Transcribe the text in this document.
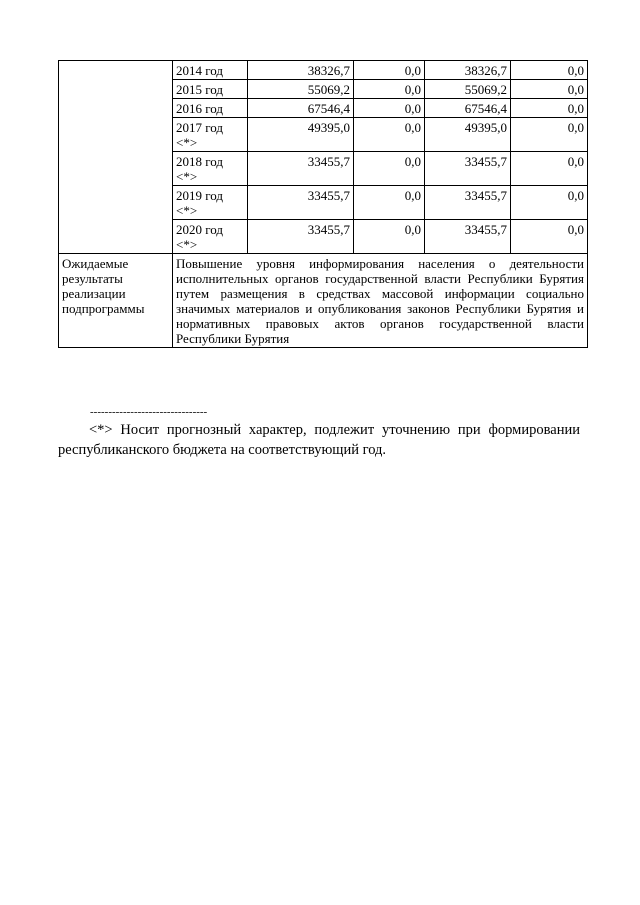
	2014 год	38326,7	0,0	38326,7	0,0
	2015 год	55069,2	0,0	55069,2	0,0
	2016 год	67546,4	0,0	67546,4	0,0
	2017 год <*>	49395,0	0,0	49395,0	0,0
	2018 год <*>	33455,7	0,0	33455,7	0,0
	2019 год <*>	33455,7	0,0	33455,7	0,0
	2020 год <*>	33455,7	0,0	33455,7	0,0
Ожидаемые результаты реализации подпрограммы	Повышение уровня информирования населения о деятельности исполнительных органов государственной власти Республики Бурятия путем размещения в средствах массовой информации социально значимых материалов и опубликования законов Республики Бурятия и нормативных правовых актов органов государственной власти Республики Бурятия				
--------------------------------
<*> Носит прогнозный характер, подлежит уточнению при формировании республиканского бюджета на соответствующий год.
